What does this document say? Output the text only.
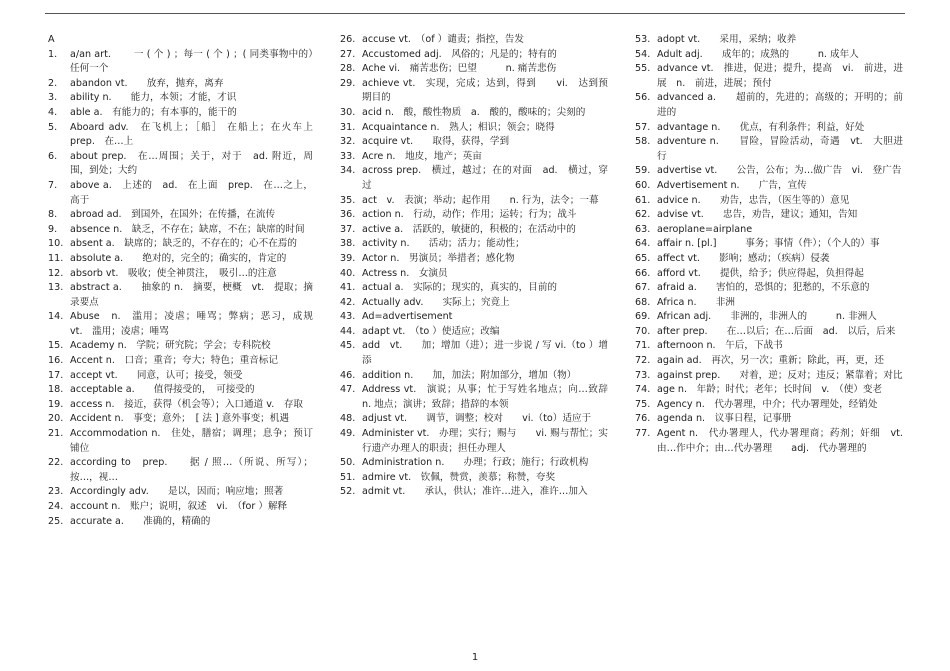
A
1. a/an art.　　 一 ( 个 ) ；每一 ( 个 ) ；( 同类事物中的）任何一个
2. abandon vt.　　放弃，抛弃，离弃
3. ability n.　　能力，本领；才能，才识
4. able a.　有能力的；有本事的，能干的
5. Aboard adv.　在飞机上；［船］ 在船上；在火车上 prep.　在…上
6. about prep.　在…周围；关于，对于　ad. 附近，周围，到处；大约
7. above a.　上述的　ad.　在上面　prep.　在…之上，高于
8. abroad ad.　到国外，在国外；在传播，在流传
9. absence n.　缺乏，不存在；缺席，不在；缺席的时间
10. absent a.　缺席的；缺乏的，不存在的；心不在焉的
11. absolute a.　　绝对的，完全的；确实的，肯定的
12. absorb vt.　吸收；使全神贯注，　吸引…的注意
13. abstract a.　　抽象的 n.　摘要，梗概　vt.　提取；摘录要点
14. Abuse　n.　滥用；凌虐；唾骂；弊病；恶习，成规　　vt.　滥用；凌虐；唾骂
15. Academy n.　学院；研究院；学会；专科院校
16. Accent n.　口音；重音；夸大；特色；重音标记
17. accept vt.　　同意，认可；接受，领受
18. acceptable a.　　值得接受的，　可接受的
19. access n.　接近，获得（机会等）；入口通道 v.　存取
20. Accident n.　事变；意外；　[ 法 ] 意外事变；机遇
21. Accommodation n.　住处，膳宿；调理；息争；预订铺位
22. according to　prep.　　据 / 照…（所说、所写）；按…，视…
23. Accordingly adv.　　是以，因而；响应地；照著
24. account n.　账户；说明，叙述　vi.　（for ）解释
25. accurate a.　　准确的，精确的
26. accuse vt.　（of ）谴责；指控，告发
27. Accustomed adj.　风俗的；凡是的；特有的
28. Ache vi.　痛苦悲伤；巴望　　　n. 痛苦悲伤
29. achieve vt.　实现，完成；达到，得到　　vi.　达到预期目的
30. acid n.　酸，酸性物质　a.　酸的，酸味的；尖刻的
31. Acquaintance n.　熟人；相识；领会；晓得
32. acquire vt.　　取得，获得，学到
33. Acre n.　地皮，地产；英亩
34. across prep.　横过，越过；在的对面　ad.　横过，穿过
35. act　v.　表演；举动；起作用　　n. 行为，法令；一幕
36. action n.　行动，动作；作用；运转；行为；战斗
37. active a.　活跃的，敏捷的，积极的；在活动中的
38. activity n.　　活动；活力；能动性；
39. Actor n.　男演员；举措者；感化物
40. Actress n.　女演员
41. actual a.　实际的；现实的，真实的，目前的
42. Actually adv.　　实际上；究竟上
43. Ad=advertisement
44. adapt vt.　（to ）使适应；改编
45. add　vt.　　加；增加（进）；进一步说 / 写 vi.（to ）增添
46. addition n.　　加，加法；附加部分，增加（物）
47. Address vt.　演说；从事；忙于写姓名地点；向…致辞 n. 地点；演讲；致辞；措辞的本领
48. adjust vt.　　调节，调整；校对　　vi.（to）适应于
49. Administer vt.　办理；实行；赐与　　vi. 赐与帮忙；实行遗产办理人的职责；担任办理人
50. Administration n.　　办理；行政；施行；行政机构
51. admire vt.　钦佩，赞赏，羡慕；称赞，夸奖
52. admit vt.　　承认，供认；准许…进入，准许…加入
53. adopt vt.　　采用，采纳；收养
54. Adult adj.　　成年的；成熟的　　　n. 成年人
55. advance vt.　推进，促进；提升，提高　vi.　前进，进展　n.　前进，进展；预付
56. advanced a.　　超前的，先进的；高级的；开明的；前进的
57. advantage n.　　优点，有利条件；利益，好处
58. adventure n.　　冒险，冒险活动，奇遇　vt.　大胆进行
59. advertise vt.　　公告，公布；为…做广告　vi.　登广告
60. Advertisement n.　　广告，宣传
61. advice n.　　劝告，忠告，（医生等的）意见
62. advise vt.　　忠告，劝告，建议；通知，告知
63. aeroplane=airplane
64. affair n. [pl.]　　　事务；事情（件）；（个人的）事
65. affect vt.　　影响；感动；（疾病）侵袭
66. afford vt.　　提供，给予；供应得起，负担得起
67. afraid a.　　害怕的，恐惧的；犯愁的，不乐意的
68. Africa n.　　非洲
69. African adj.　　非洲的，非洲人的　　　n. 非洲人
70. after prep.　　在…以后；在…后面　ad.　以后，后来
71. afternoon n.　午后，下战书
72. again ad.　再次，另一次；重新；除此，再，更，还
73. against prep.　　对着，逆；反对；违反；紧靠着；对比
74. age n.　年龄；时代；老年；长时间　v.　（使）变老
75. Agency n.　代办署理，中介；代办署理处，经销处
76. agenda n.　议事日程，记事册
77. Agent n.　代办署理人，代办署理商；药剂；奸细　vt.　由…作中介；由…代办署理　　adj.　代办署理的
1
